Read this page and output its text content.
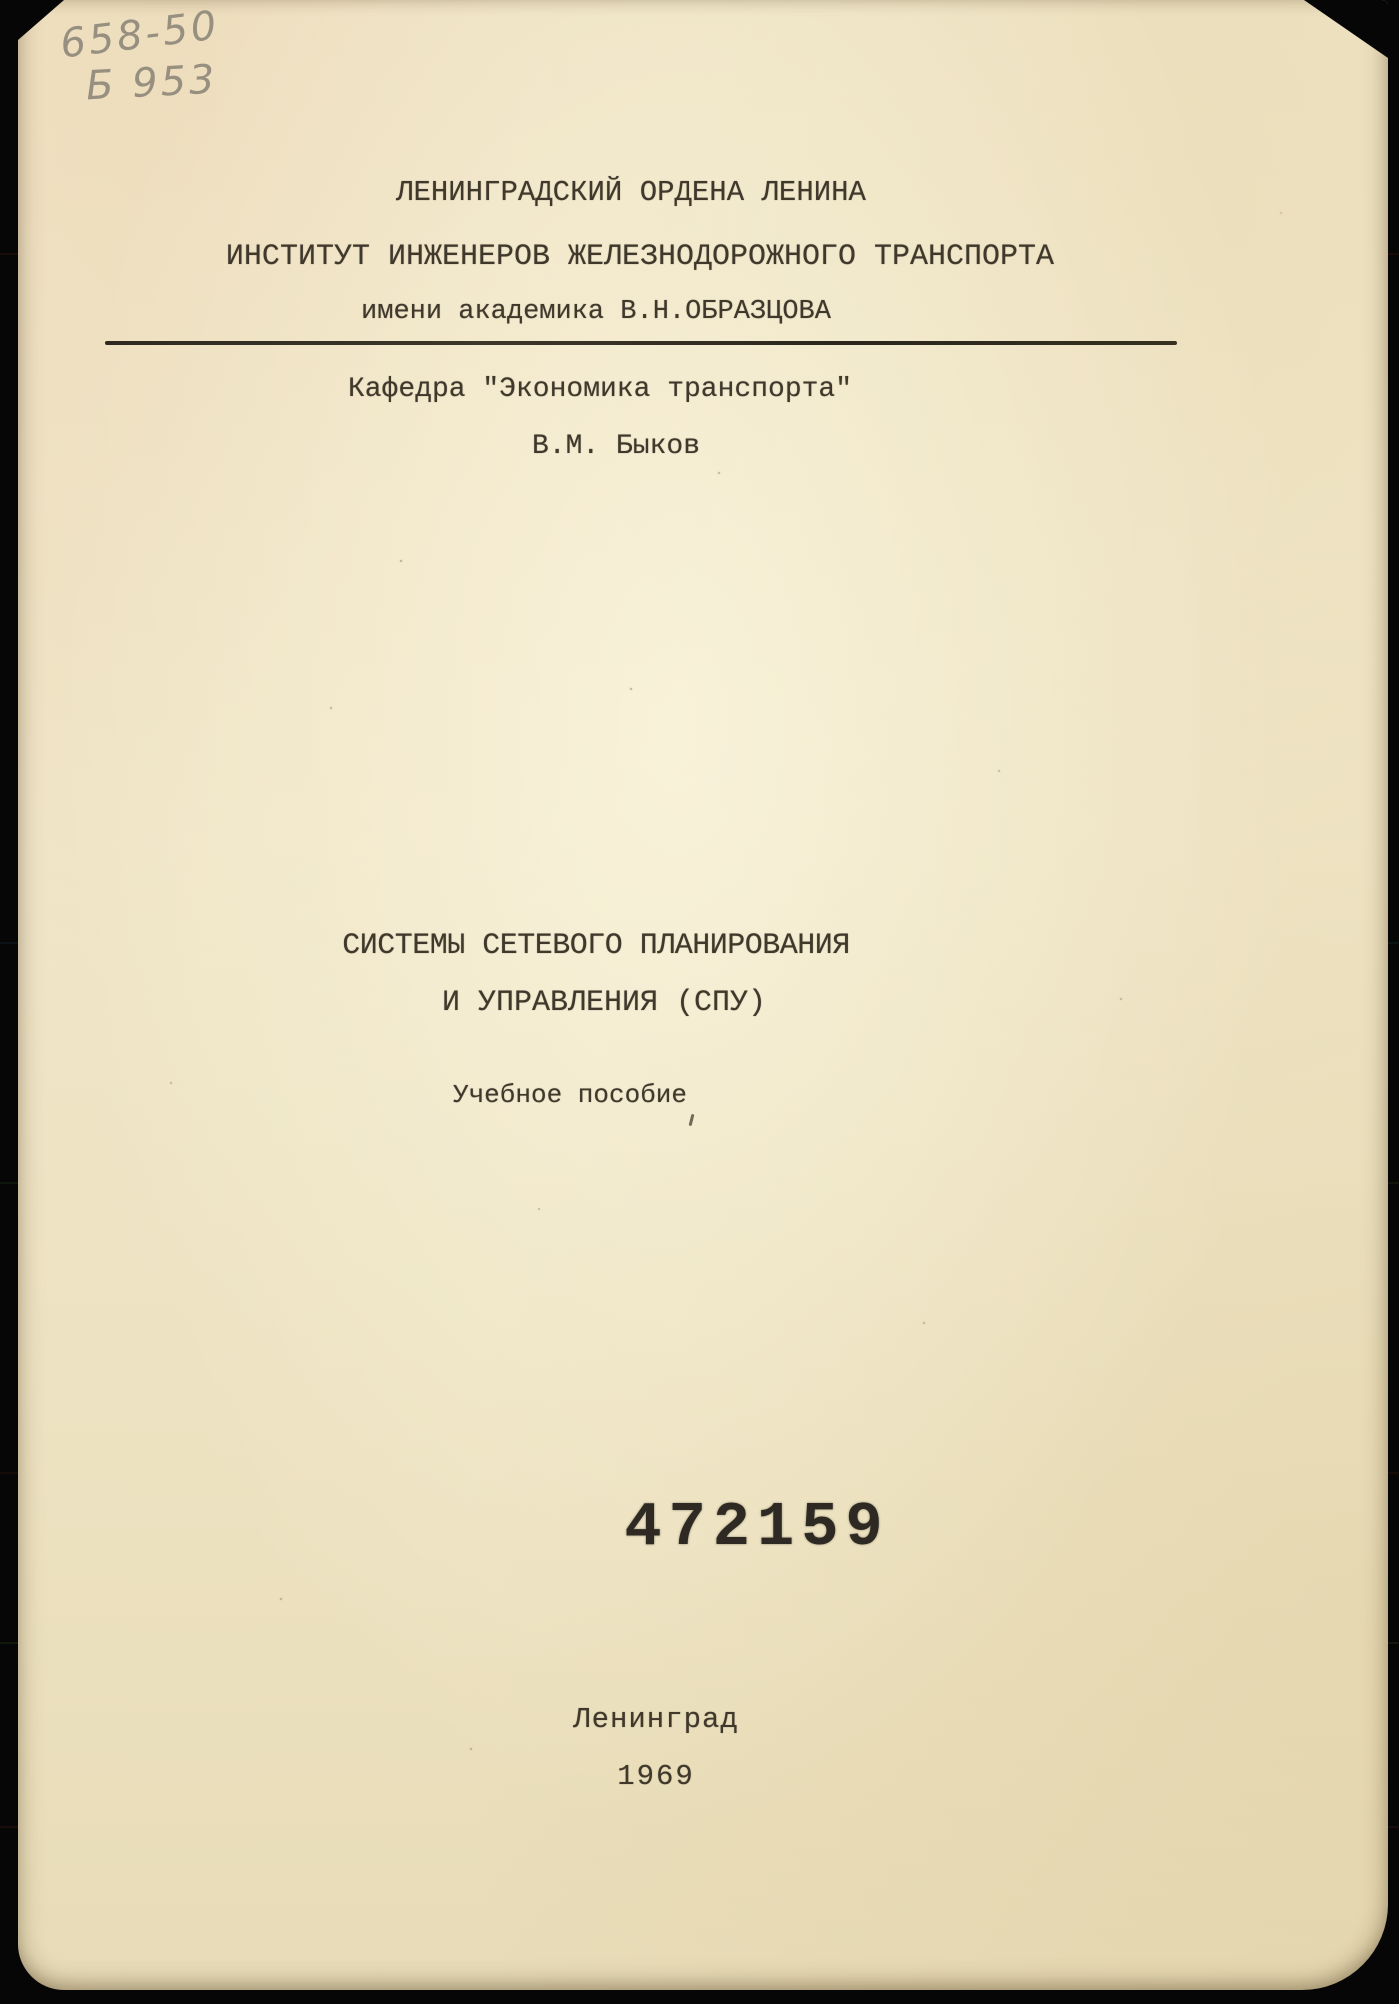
658-50
Б 953
ЛЕНИНГРАДСКИЙ ОРДЕНА ЛЕНИНА
ИНСТИТУТ ИНЖЕНЕРОВ ЖЕЛЕЗНОДОРОЖНОГО ТРАНСПОРТА
имени академика В.Н.ОБРАЗЦОВА
Кафедра "Экономика транспорта"
В.М. Быков
СИСТЕМЫ СЕТЕВОГО ПЛАНИРОВАНИЯ
И УПРАВЛЕНИЯ (СПУ)
Учебное пособие
472159
Ленинград
1969
